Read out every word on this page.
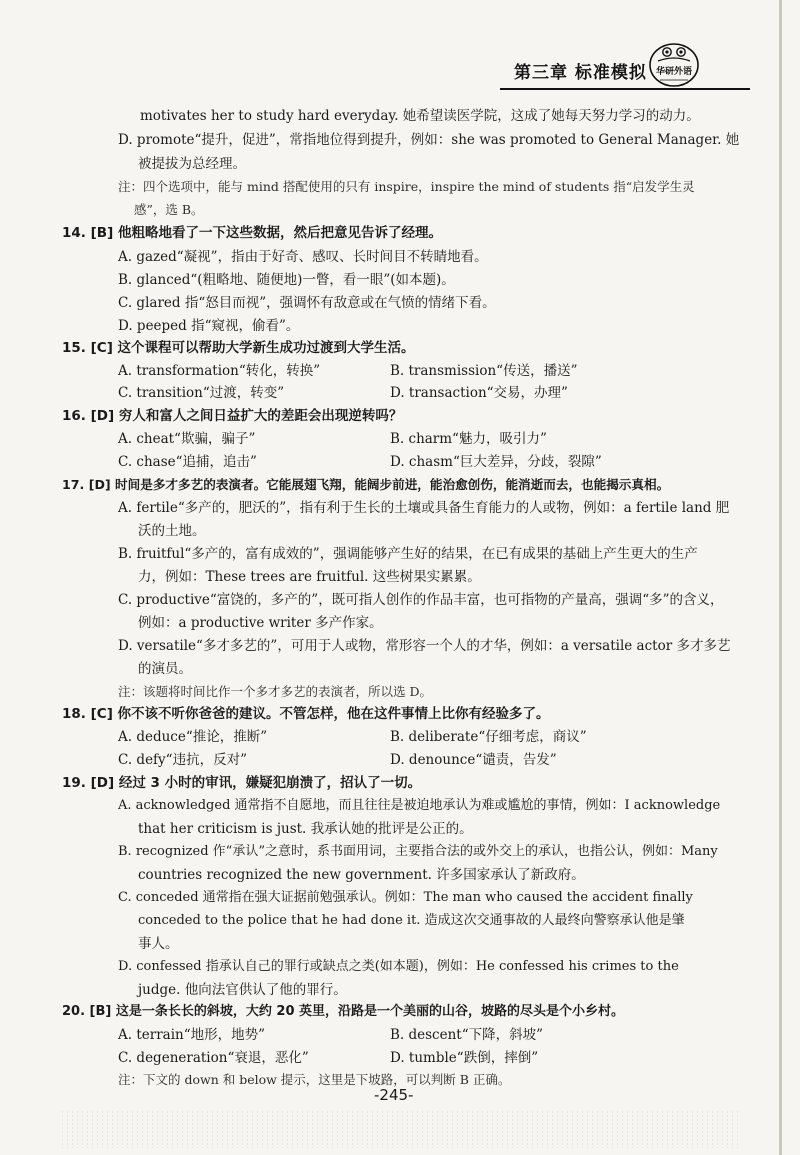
第三章 标准模拟	华研外语
motivates her to study hard everyday. 她希望读医学院，这成了她每天努力学习的动力。
D. promote“提升，促进”，常指地位得到提升，例如：she was promoted to General Manager. 她
被提拔为总经理。
注：四个选项中，能与 mind 搭配使用的只有 inspire，inspire the mind of students 指“启发学生灵
感”，选 B。
14. [B] 他粗略地看了一下这些数据，然后把意见告诉了经理。
A. gazed“凝视”，指由于好奇、感叹、长时间目不转睛地看。
B. glanced“(粗略地、随便地)一瞥，看一眼”(如本题)。
C. glared 指“怒目而视”，强调怀有敌意或在气愤的情绪下看。
D. peeped 指“窥视，偷看”。
15. [C] 这个课程可以帮助大学新生成功过渡到大学生活。
A. transformation“转化，转换”	B. transmission“传送，播送”
C. transition“过渡，转变”	D. transaction“交易，办理”
16. [D] 穷人和富人之间日益扩大的差距会出现逆转吗？
A. cheat“欺骗，骗子”	B. charm“魅力，吸引力”
C. chase“追捕，追击”	D. chasm“巨大差异，分歧，裂隙”
17. [D] 时间是多才多艺的表演者。它能展翅飞翔，能阔步前进，能治愈创伤，能消逝而去，也能揭示真相。
A. fertile“多产的，肥沃的”，指有利于生长的土壤或具备生育能力的人或物，例如：a fertile land 肥
沃的土地。
B. fruitful“多产的，富有成效的”，强调能够产生好的结果，在已有成果的基础上产生更大的生产
力，例如：These trees are fruitful. 这些树果实累累。
C. productive“富饶的，多产的”，既可指人创作的作品丰富，也可指物的产量高，强调“多”的含义，
例如：a productive writer 多产作家。
D. versatile“多才多艺的”，可用于人或物，常形容一个人的才华，例如：a versatile actor 多才多艺
的演员。
注：该题将时间比作一个多才多艺的表演者，所以选 D。
18. [C] 你不该不听你爸爸的建议。不管怎样，他在这件事情上比你有经验多了。
A. deduce“推论，推断”	B. deliberate“仔细考虑，商议”
C. defy“违抗，反对”	D. denounce“谴责，告发”
19. [D] 经过 3 小时的审讯，嫌疑犯崩溃了，招认了一切。
A. acknowledged 通常指不自愿地，而且往往是被迫地承认为难或尴尬的事情，例如：I acknowledge
that her criticism is just. 我承认她的批评是公正的。
B. recognized 作“承认”之意时，系书面用词，主要指合法的或外交上的承认，也指公认，例如：Many
countries recognized the new government. 许多国家承认了新政府。
C. conceded 通常指在强大证据前勉强承认。例如：The man who caused the accident finally
conceded to the police that he had done it. 造成这次交通事故的人最终向警察承认他是肇
事人。
D. confessed 指承认自己的罪行或缺点之类(如本题)，例如：He confessed his crimes to the
judge. 他向法官供认了他的罪行。
20. [B] 这是一条长长的斜坡，大约 20 英里，沿路是一个美丽的山谷，坡路的尽头是个小乡村。
A. terrain“地形，地势”	B. descent“下降，斜坡”
C. degeneration“衰退，恶化”	D. tumble“跌倒，摔倒”
注：下文的 down 和 below 提示，这里是下坡路，可以判断 B 正确。
-245-
